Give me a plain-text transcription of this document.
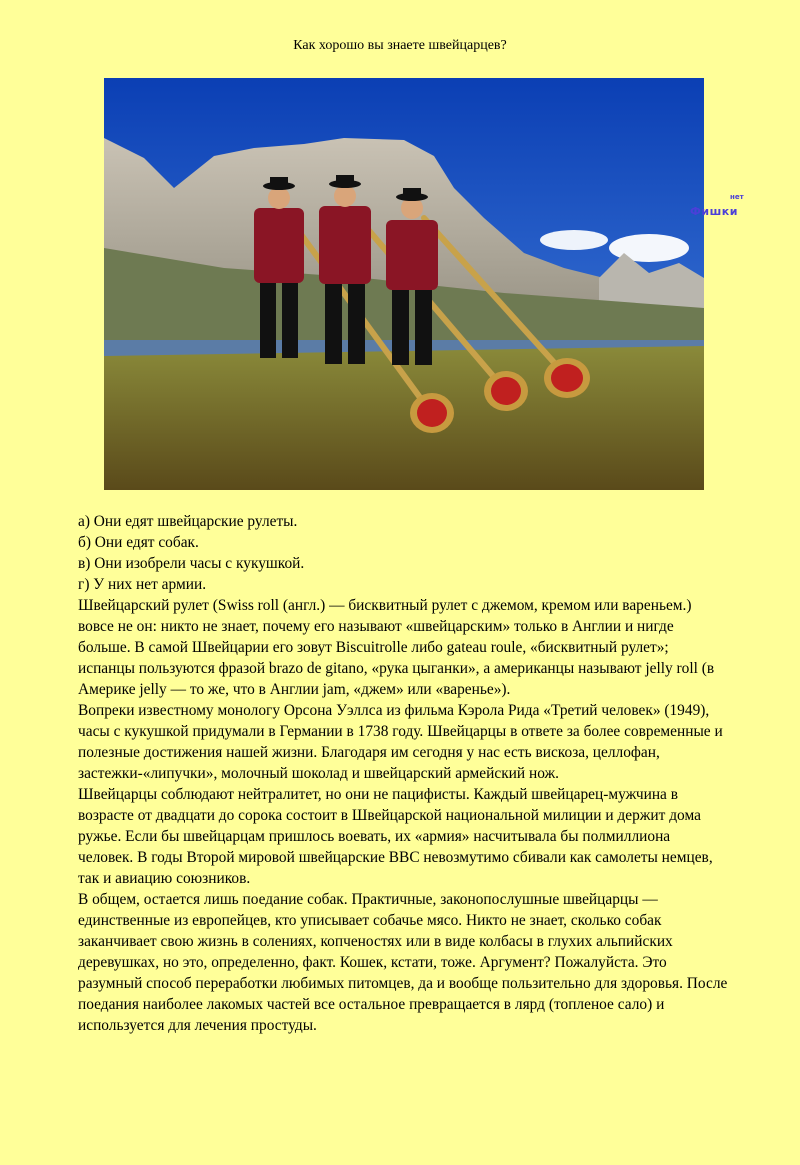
Как хорошо вы знаете швейцарцев?
Фишки
нет

а) Они едят швейцарские рулеты.

б) Они едят собак.

в) Они изобрели часы с кукушкой.

г) У них нет армии.

Швейцарский рулет (Swiss roll (англ.) — бисквитный рулет с джемом, кремом или вареньем.) вовсе не он: никто не знает, почему его называют «швейцарским» только в Англии и нигде больше. В самой Швейцарии его зовут Biscuitrolle либо gateau roule, «бисквитный рулет»; испанцы пользуются фразой brazo de gitano, «рука цыганки», а американцы называют jelly roll (в Америке jelly — то же, что в Англии jam, «джем» или «варенье»).

Вопреки известному монологу Орсона Уэллса из фильма Кэрола Рида «Третий человек» (1949), часы с кукушкой придумали в Германии в 1738 году. Швейцарцы в ответе за более современные и полезные достижения нашей жизни. Благодаря им сегодня у нас есть вискоза, целлофан, застежки-«липучки», молочный шоколад и швейцарский армейский нож.

Швейцарцы соблюдают нейтралитет, но они не пацифисты. Каждый швейцарец-мужчина в возрасте от двадцати до сорока состоит в Швейцарской национальной милиции и держит дома ружье. Если бы швейцарцам пришлось воевать, их «армия» насчитывала бы полмиллиона человек. В годы Второй мировой швейцарские ВВС невозмутимо сбивали как самолеты немцев, так и авиацию союзников.

В общем, остается лишь поедание собак. Практичные, законопослушные швейцарцы — единственные из европейцев, кто уписывает собачье мясо. Никто не знает, сколько собак заканчивает свою жизнь в солениях, копченостях или в виде колбасы в глухих альпийских деревушках, но это, определенно, факт. Кошек, кстати, тоже. Аргумент? Пожалуйста. Это разумный способ переработки любимых питомцев, да и вообще пользительно для здоровья. После поедания наиболее лакомых частей все остальное превращается в лярд (топленое сало) и используется для лечения простуды.
